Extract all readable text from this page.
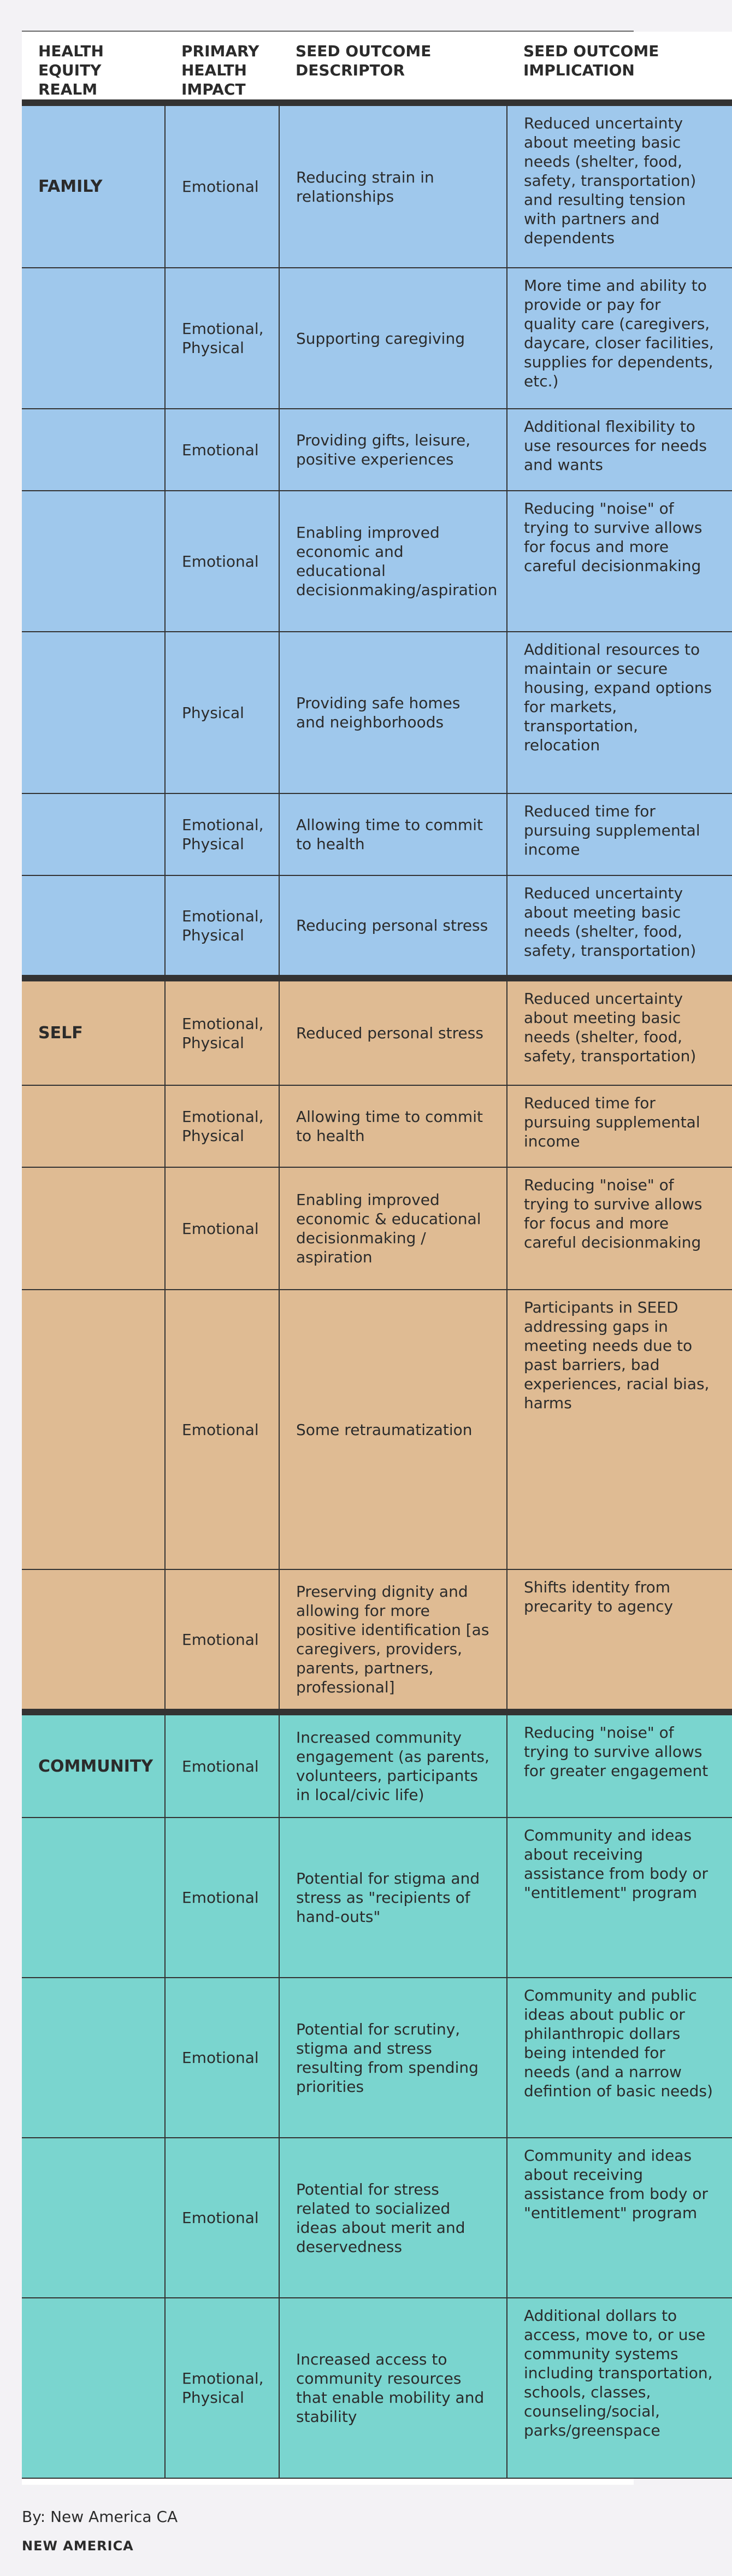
HEALTH EQUITY REALM	PRIMARY HEALTH IMPACT	SEED OUTCOME DESCRIPTOR	SEED OUTCOME IMPLICATION
FAMILY	Emotional	Reducing strain in relationships	Reduced uncertainty about meeting basic needs (shelter, food, safety, transportation) and resulting tension with partners and dependents
	Emotional, Physical	Supporting caregiving	More time and ability to provide or pay for quality care (caregivers, daycare, closer facilities, supplies for dependents, etc.)
	Emotional	Providing gifts, leisure, positive experiences	Additional flexibility to use resources for needs and wants
	Emotional	Enabling improved economic and educational decisionmaking/aspiration	Reducing "noise" of trying to survive allows for focus and more careful decisionmaking
	Physical	Providing safe homes and neighborhoods	Additional resources to maintain or secure housing, expand options for markets, transportation, relocation
	Emotional, Physical	Allowing time to commit to health	Reduced time for pursuing supplemental income
	Emotional, Physical	Reducing personal stress	Reduced uncertainty about meeting basic needs (shelter, food, safety, transportation)
SELF	Emotional, Physical	Reduced personal stress	Reduced uncertainty about meeting basic needs (shelter, food, safety, transportation)
	Emotional, Physical	Allowing time to commit to health	Reduced time for pursuing supplemental income
	Emotional	Enabling improved economic & educational decisionmaking / aspiration	Reducing "noise" of trying to survive allows for focus and more careful decisionmaking
	Emotional	Some retraumatization	Participants in SEED addressing gaps in meeting needs due to past barriers, bad experiences, racial bias, harms
	Emotional	Preserving dignity and allowing for more positive identification [as caregivers, providers, parents, partners, professional]	Shifts identity from precarity to agency
COMMUNITY	Emotional	Increased community engagement (as parents, volunteers, participants in local/civic life)	Reducing "noise" of trying to survive allows for greater engagement
	Emotional	Potential for stigma and stress as "recipients of hand-outs"	Community and ideas about receiving assistance from body or "entitlement" program
	Emotional	Potential for scrutiny, stigma and stress resulting from spending priorities	Community and public ideas about public or philanthropic dollars being intended for needs (and a narrow defintion of basic needs)
	Emotional	Potential for stress related to socialized ideas about merit and deservedness	Community and ideas about receiving assistance from body or "entitlement" program
	Emotional, Physical	Increased access to community resources that enable mobility and stability	Additional dollars to access, move to, or use community systems including transportation, schools, classes, counseling/social, parks/greenspace
By: New America CA
NEW AMERICA
